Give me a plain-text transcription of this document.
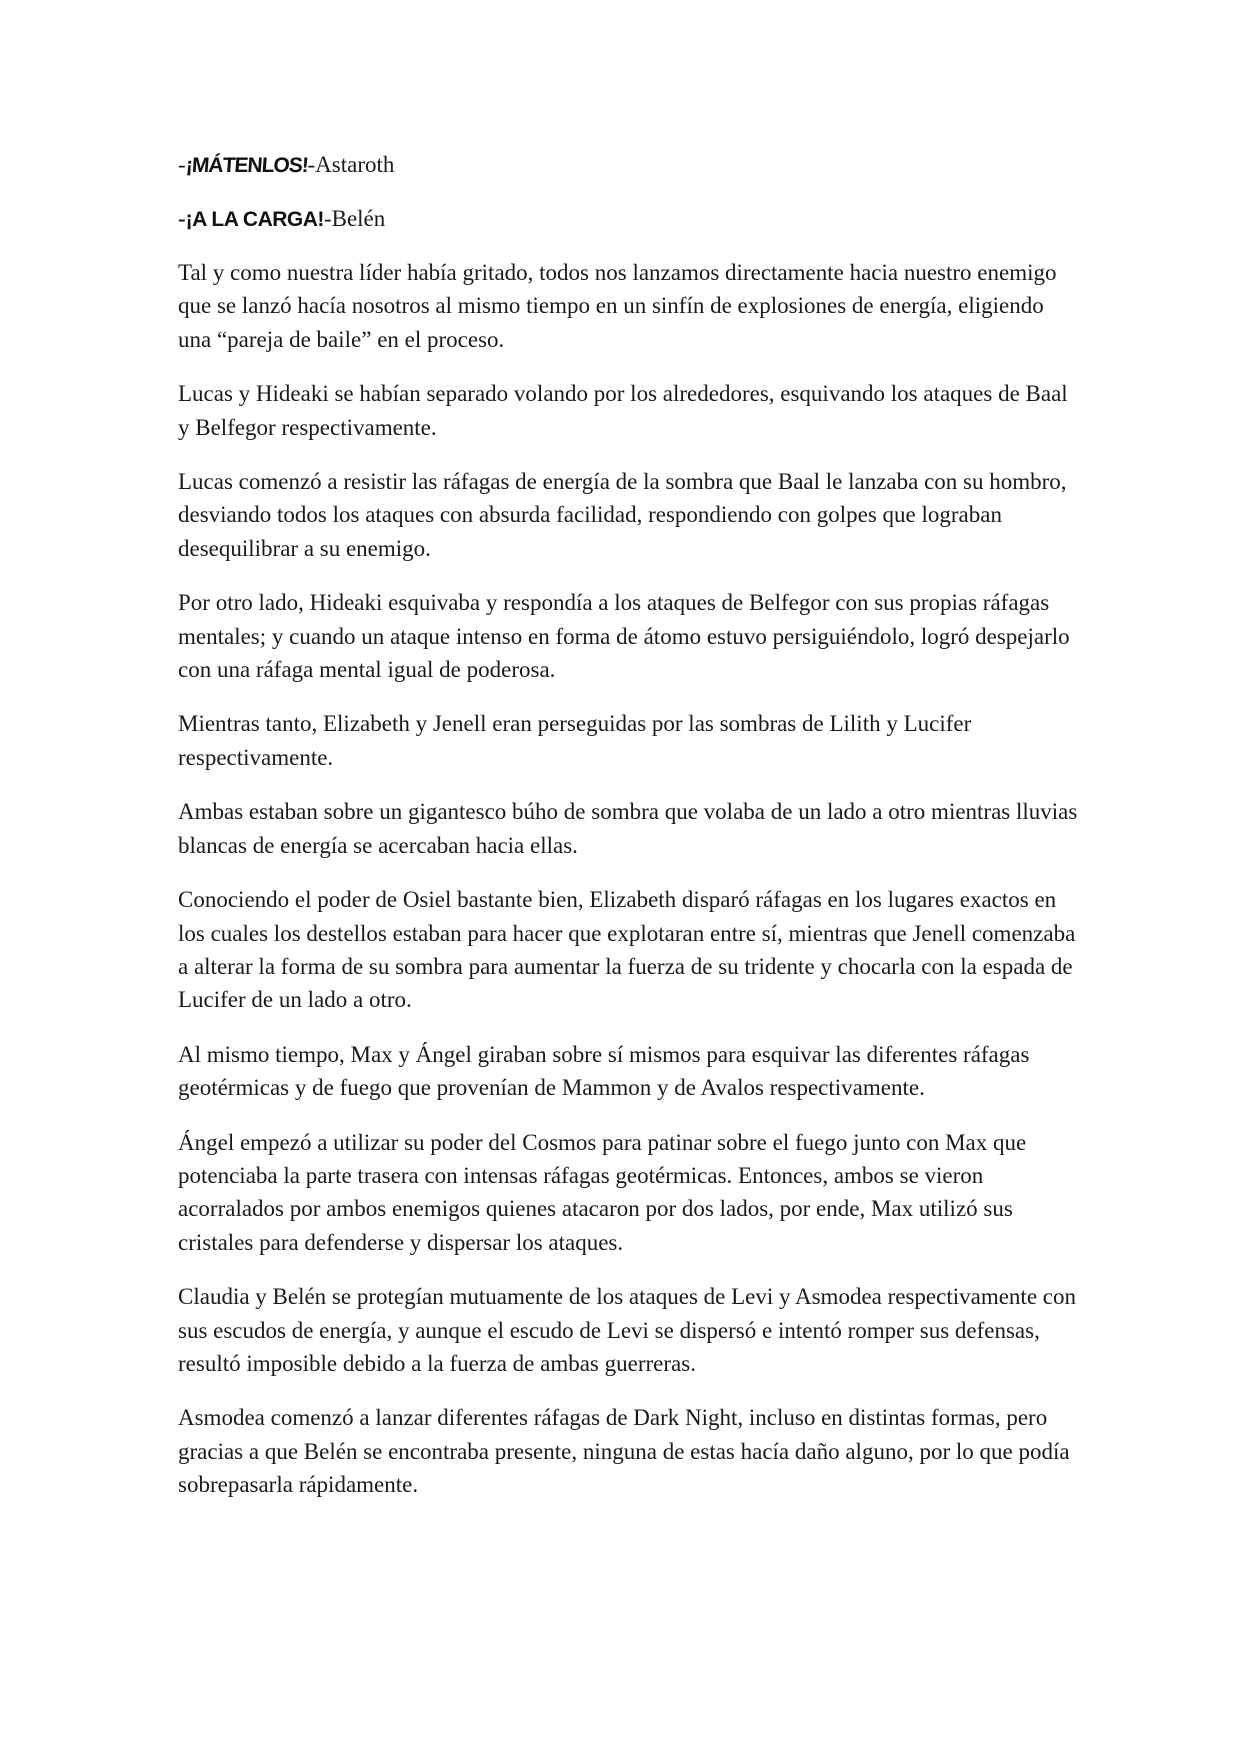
-¡MÁTENLOS!-Astaroth
-¡A LA CARGA!-Belén

Tal y como nuestra líder había gritado, todos nos lanzamos directamente hacia nuestro enemigo que se lanzó hacía nosotros al mismo tiempo en un sinfín de explosiones de energía, eligiendo una “pareja de baile” en el proceso.

Lucas y Hideaki se habían separado volando por los alrededores, esquivando los ataques de Baal y Belfegor respectivamente.

Lucas comenzó a resistir las ráfagas de energía de la sombra que Baal le lanzaba con su hombro, desviando todos los ataques con absurda facilidad, respondiendo con golpes que lograban desequilibrar a su enemigo.

Por otro lado, Hideaki esquivaba y respondía a los ataques de Belfegor con sus propias ráfagas mentales; y cuando un ataque intenso en forma de átomo estuvo persiguiéndolo, logró despejarlo con una ráfaga mental igual de poderosa.

Mientras tanto, Elizabeth y Jenell eran perseguidas por las sombras de Lilith y Lucifer respectivamente.

Ambas estaban sobre un gigantesco búho de sombra que volaba de un lado a otro mientras lluvias blancas de energía se acercaban hacia ellas.

Conociendo el poder de Osiel bastante bien, Elizabeth disparó ráfagas en los lugares exactos en los cuales los destellos estaban para hacer que explotaran entre sí, mientras que Jenell comenzaba a alterar la forma de su sombra para aumentar la fuerza de su tridente y chocarla con la espada de Lucifer de un lado a otro.

Al mismo tiempo, Max y Ángel giraban sobre sí mismos para esquivar las diferentes ráfagas geotérmicas y de fuego que provenían de Mammon y de Avalos respectivamente.

Ángel empezó a utilizar su poder del Cosmos para patinar sobre el fuego junto con Max que potenciaba la parte trasera con intensas ráfagas geotérmicas. Entonces, ambos se vieron acorralados por ambos enemigos quienes atacaron por dos lados, por ende, Max utilizó sus cristales para defenderse y dispersar los ataques.

Claudia y Belén se protegían mutuamente de los ataques de Levi y Asmodea respectivamente con sus escudos de energía, y aunque el escudo de Levi se dispersó e intentó romper sus defensas, resultó imposible debido a la fuerza de ambas guerreras.

Asmodea comenzó a lanzar diferentes ráfagas de Dark Night, incluso en distintas formas, pero gracias a que Belén se encontraba presente, ninguna de estas hacía daño alguno, por lo que podía sobrepasarla rápidamente.
